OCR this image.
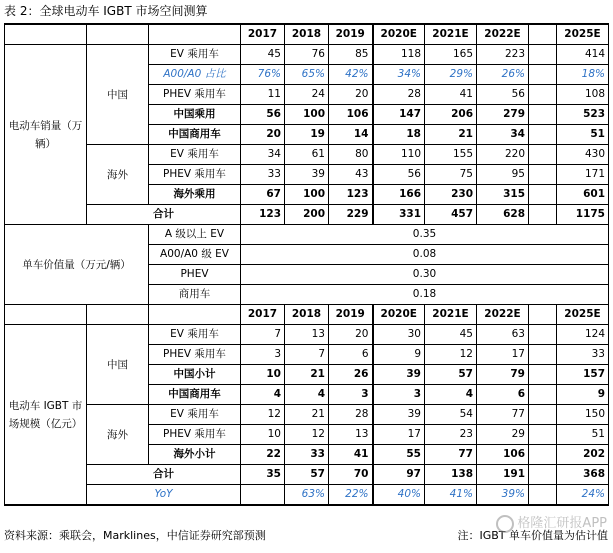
表 2：全球电动车 IGBT 市场空间测算
			2017	2018	2019	2020E	2021E	2022E		2025E
电动车销量（万辆）	中国	EV 乘用车	45	76	85	118	165	223		414
		A00/A0 占比	76%	65%	42%	34%	29%	26%		18%
		PHEV 乘用车	11	24	20	28	41	56		108
		中国乘用	56	100	106	147	206	279		523
		中国商用车	20	19	14	18	21	34		51
	海外	EV 乘用车	34	61	80	110	155	220		430
		PHEV 乘用车	33	39	43	56	75	95		171
		海外乘用	67	100	123	166	230	315		601
	合计		123	200	229	331	457	628		1175
单车价值量（万元/辆）		A 级以上 EV	0.35							
		A00/A0 级 EV	0.08							
		PHEV	0.30							
		商用车	0.18							
			2017	2018	2019	2020E	2021E	2022E		2025E
电动车 IGBT 市场规模（亿元）	中国	EV 乘用车	7	13	20	30	45	63		124
		PHEV 乘用车	3	7	6	9	12	17		33
		中国小计	10	21	26	39	57	79		157
		中国商用车	4	4	3	3	4	6		9
	海外	EV 乘用车	12	21	28	39	54	77		150
		PHEV 乘用车	10	12	13	17	23	29		51
		海外小计	22	33	41	55	77	106		202
	合计		35	57	70	97	138	191		368
	YoY			63%	22%	40%	41%	39%		24%
资料来源：乘联会，Marklines，中信证券研究部预测	注：IGBT 单车价值量为估计值
格隆汇研报APP
